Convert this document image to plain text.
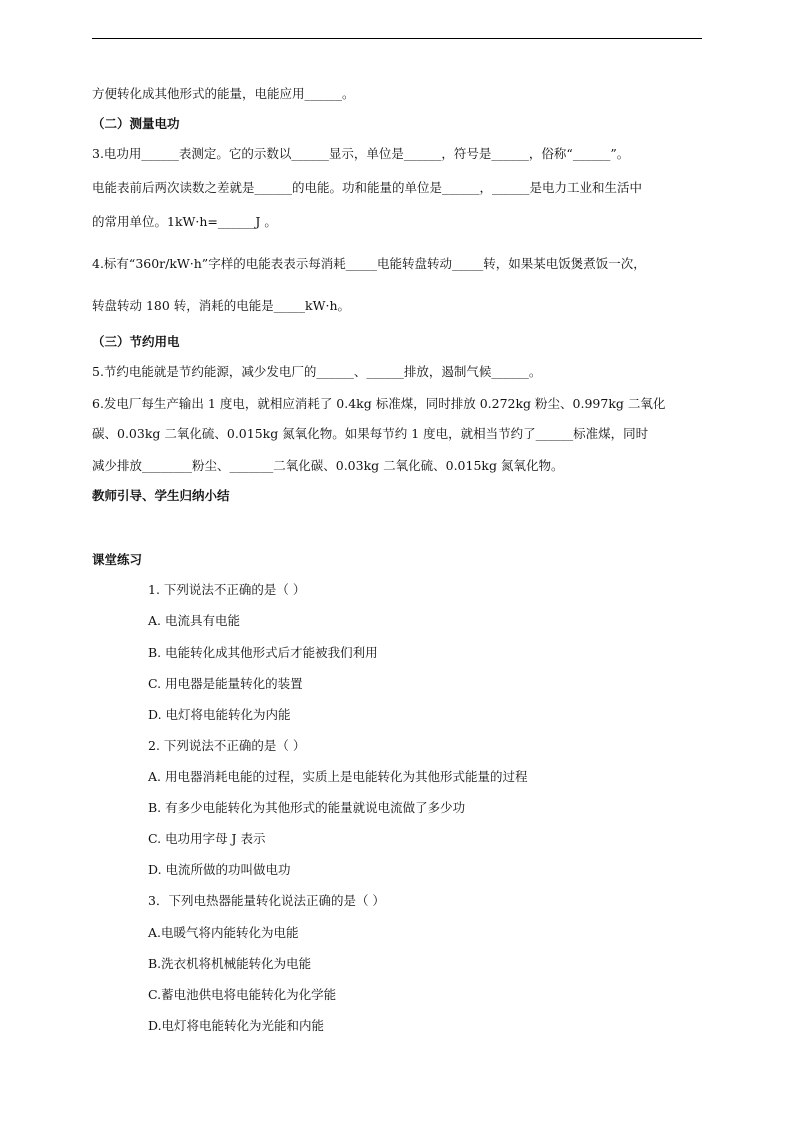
方便转化成其他形式的能量，电能应用______。
（二）测量电功
3.电功用______表测定。它的示数以______显示，单位是______，符号是______，俗称“______”。
电能表前后两次读数之差就是______的电能。功和能量的单位是______，______是电力工业和生活中
的常用单位。1kW·h=______J 。
4.标有“360r/kW·h”字样的电能表表示每消耗_____电能转盘转动_____转，如果某电饭煲煮饭一次，
转盘转动 180 转，消耗的电能是_____kW·h。
（三）节约用电
5.节约电能就是节约能源，减少发电厂的______、______排放，遏制气候______。
6.发电厂每生产输出 1 度电，就相应消耗了 0.4kg 标准煤，同时排放 0.272kg 粉尘、0.997kg 二氧化
碳、0.03kg 二氧化硫、0.015kg 氮氧化物。如果每节约 1 度电，就相当节约了______标准煤，同时
减少排放________粉尘、_______二氧化碳、0.03kg 二氧化硫、0.015kg 氮氧化物。
教师引导、学生归纳小结
课堂练习
1. 下列说法不正确的是（ ）
A. 电流具有电能
B. 电能转化成其他形式后才能被我们利用
C. 用电器是能量转化的装置
D. 电灯将电能转化为内能
2. 下列说法不正确的是（ ）
A. 用电器消耗电能的过程，实质上是电能转化为其他形式能量的过程
B. 有多少电能转化为其他形式的能量就说电流做了多少功
C. 电功用字母 J 表示
D. 电流所做的功叫做电功
3．下列电热器能量转化说法正确的是（ ）
A.电暖气将内能转化为电能
B.洗衣机将机械能转化为电能
C.蓄电池供电将电能转化为化学能
D.电灯将电能转化为光能和内能
